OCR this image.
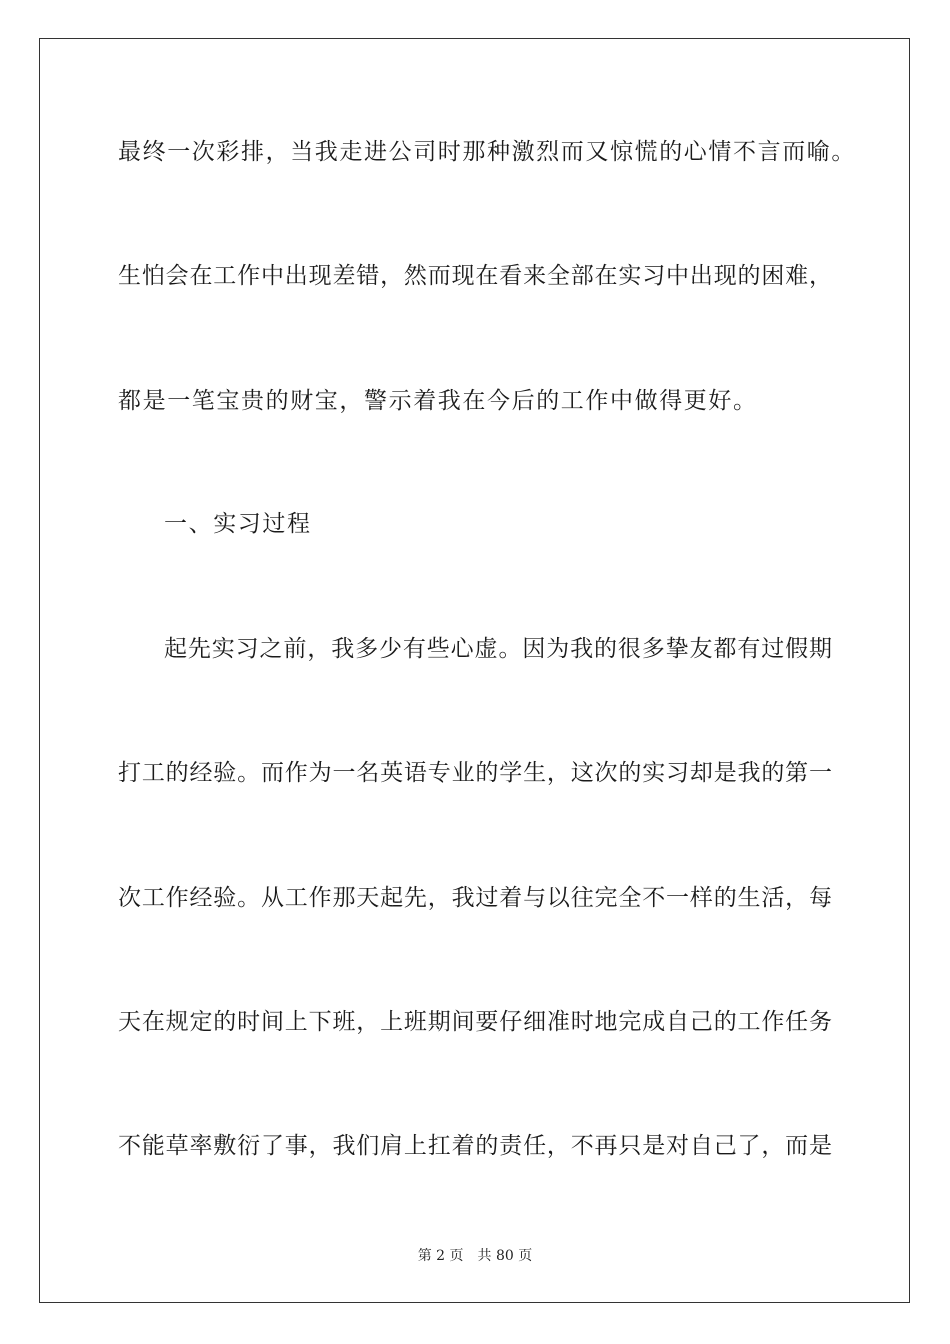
最终一次彩排，当我走进公司时那种激烈而又惊慌的心情不言而喻。
生怕会在工作中出现差错，然而现在看来全部在实习中出现的困难，
都是一笔宝贵的财宝，警示着我在今后的工作中做得更好。
一、实习过程
起先实习之前，我多少有些心虚。因为我的很多挚友都有过假期
打工的经验。而作为一名英语专业的学生，这次的实习却是我的第一
次工作经验。从工作那天起先，我过着与以往完全不一样的生活，每
天在规定的时间上下班，上班期间要仔细准时地完成自己的工作任务
不能草率敷衍了事，我们肩上扛着的责任，不再只是对自己了，而是
第 2 页 共 80 页
